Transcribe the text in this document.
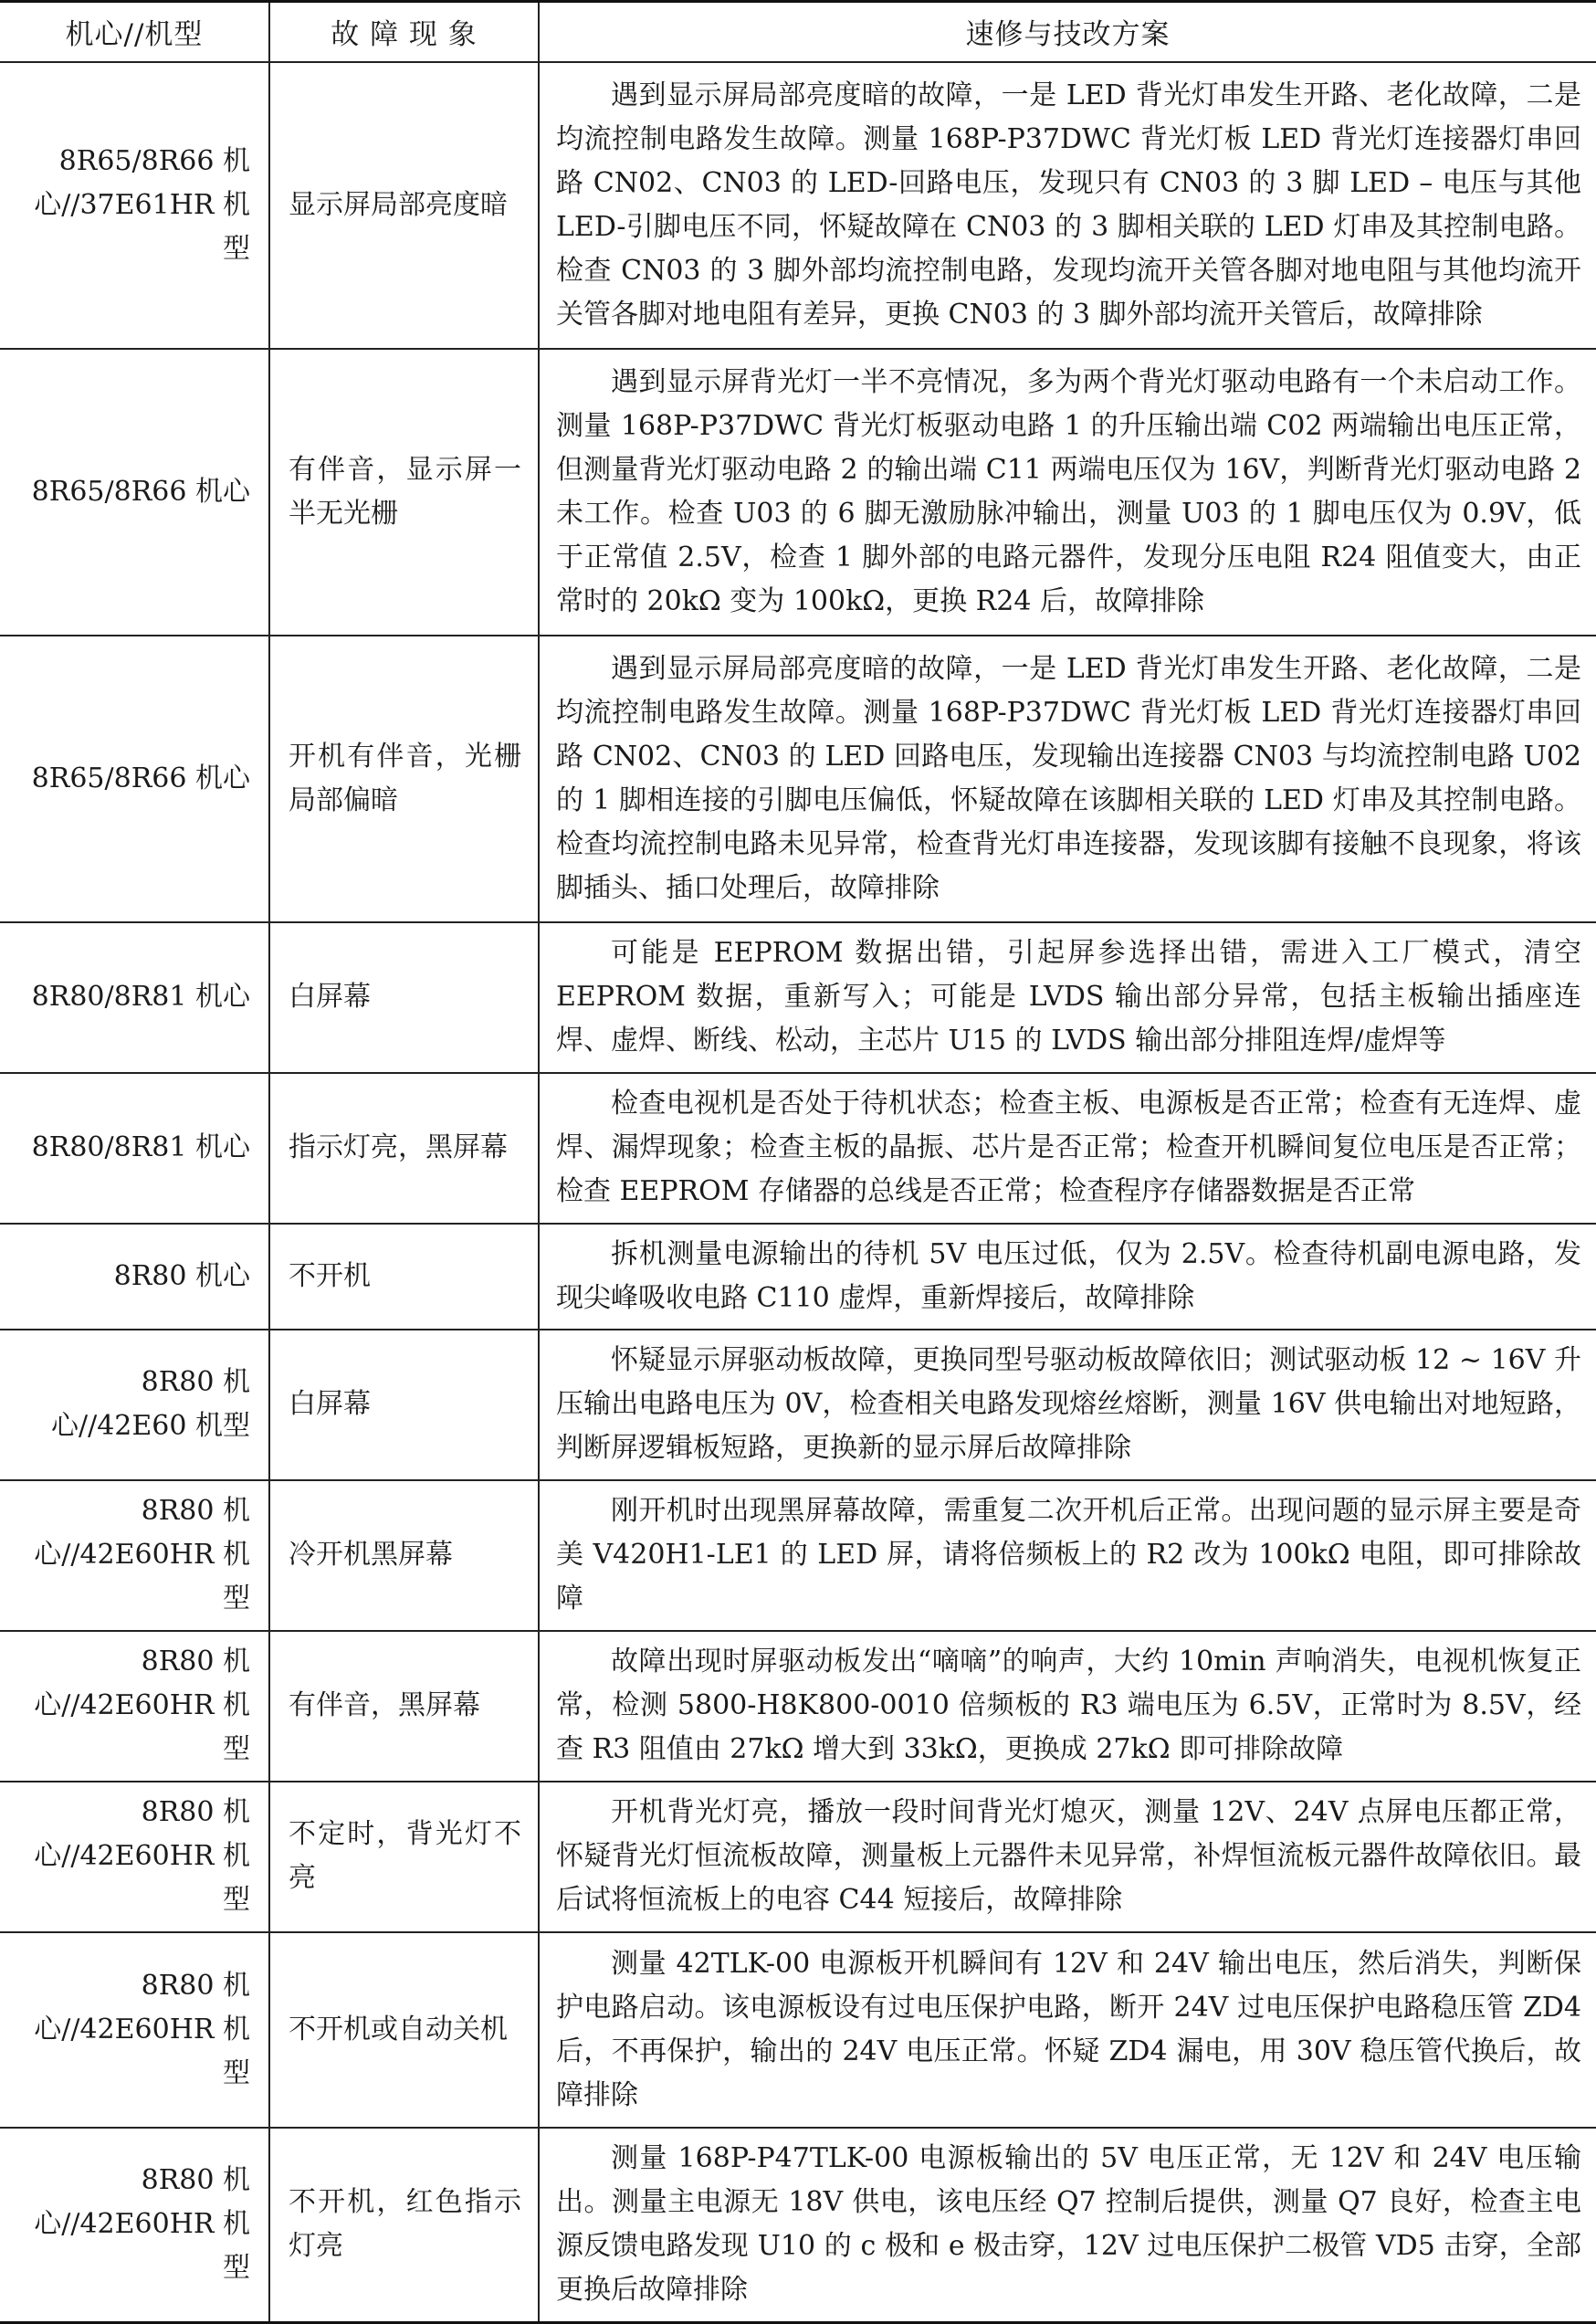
机心//机型	故 障 现 象	速修与技改方案

8R65/8R66 机心//37E61HR 机型	显示屏局部亮度暗	遇到显示屏局部亮度暗的故障，一是 LED 背光灯串发生开路、老化故障，二是均流控制电路发生故障。测量 168P-P37DWC 背光灯板 LED 背光灯连接器灯串回路 CN02、CN03 的 LED-回路电压，发现只有 CN03 的 3 脚 LED – 电压与其他 LED-引脚电压不同，怀疑故障在 CN03 的 3 脚相关联的 LED 灯串及其控制电路。检查 CN03 的 3 脚外部均流控制电路，发现均流开关管各脚对地电阻与其他均流开关管各脚对地电阻有差异，更换 CN03 的 3 脚外部均流开关管后，故障排除

8R65/8R66 机心	有伴音，显示屏一半无光栅	遇到显示屏背光灯一半不亮情况，多为两个背光灯驱动电路有一个未启动工作。测量 168P-P37DWC 背光灯板驱动电路 1 的升压输出端 C02 两端输出电压正常，但测量背光灯驱动电路 2 的输出端 C11 两端电压仅为 16V，判断背光灯驱动电路 2 未工作。检查 U03 的 6 脚无激励脉冲输出，测量 U03 的 1 脚电压仅为 0.9V，低于正常值 2.5V，检查 1 脚外部的电路元器件，发现分压电阻 R24 阻值变大，由正常时的 20kΩ 变为 100kΩ，更换 R24 后，故障排除

8R65/8R66 机心	开机有伴音，光栅局部偏暗	遇到显示屏局部亮度暗的故障，一是 LED 背光灯串发生开路、老化故障，二是均流控制电路发生故障。测量 168P-P37DWC 背光灯板 LED 背光灯连接器灯串回路 CN02、CN03 的 LED 回路电压，发现输出连接器 CN03 与均流控制电路 U02 的 1 脚相连接的引脚电压偏低，怀疑故障在该脚相关联的 LED 灯串及其控制电路。检查均流控制电路未见异常，检查背光灯串连接器，发现该脚有接触不良现象，将该脚插头、插口处理后，故障排除

8R80/8R81 机心	白屏幕	可能是 EEPROM 数据出错，引起屏参选择出错，需进入工厂模式，清空 EEPROM 数据，重新写入；可能是 LVDS 输出部分异常，包括主板输出插座连焊、虚焊、断线、松动，主芯片 U15 的 LVDS 输出部分排阻连焊/虚焊等

8R80/8R81 机心	指示灯亮，黑屏幕	检查电视机是否处于待机状态；检查主板、电源板是否正常；检查有无连焊、虚焊、漏焊现象；检查主板的晶振、芯片是否正常；检查开机瞬间复位电压是否正常；检查 EEPROM 存储器的总线是否正常；检查程序存储器数据是否正常

8R80 机心	不开机	拆机测量电源输出的待机 5V 电压过低，仅为 2.5V。检查待机副电源电路，发现尖峰吸收电路 C110 虚焊，重新焊接后，故障排除

8R80 机心//42E60 机型	白屏幕	怀疑显示屏驱动板故障，更换同型号驱动板故障依旧；测试驱动板 12 ~ 16V 升压输出电路电压为 0V，检查相关电路发现熔丝熔断，测量 16V 供电输出对地短路，判断屏逻辑板短路，更换新的显示屏后故障排除

8R80 机心//42E60HR 机型	冷开机黑屏幕	刚开机时出现黑屏幕故障，需重复二次开机后正常。出现问题的显示屏主要是奇美 V420H1-LE1 的 LED 屏，请将倍频板上的 R2 改为 100kΩ 电阻，即可排除故障

8R80 机心//42E60HR 机型	有伴音，黑屏幕	故障出现时屏驱动板发出“嘀嘀”的响声，大约 10min 声响消失，电视机恢复正常，检测 5800-H8K800-0010 倍频板的 R3 端电压为 6.5V，正常时为 8.5V，经查 R3 阻值由 27kΩ 增大到 33kΩ，更换成 27kΩ 即可排除故障

8R80 机心//42E60HR 机型	不定时，背光灯不亮	开机背光灯亮，播放一段时间背光灯熄灭，测量 12V、24V 点屏电压都正常，怀疑背光灯恒流板故障，测量板上元器件未见异常，补焊恒流板元器件故障依旧。最后试将恒流板上的电容 C44 短接后，故障排除

8R80 机心//42E60HR 机型	不开机或自动关机	测量 42TLK-00 电源板开机瞬间有 12V 和 24V 输出电压，然后消失，判断保护电路启动。该电源板设有过电压保护电路，断开 24V 过电压保护电路稳压管 ZD4 后，不再保护，输出的 24V 电压正常。怀疑 ZD4 漏电，用 30V 稳压管代换后，故障排除

8R80 机心//42E60HR 机型	不开机，红色指示灯亮	测量 168P-P47TLK-00 电源板输出的 5V 电压正常，无 12V 和 24V 电压输出。测量主电源无 18V 供电，该电压经 Q7 控制后提供，测量 Q7 良好，检查主电源反馈电路发现 U10 的 c 极和 e 极击穿，12V 过电压保护二极管 VD5 击穿，全部更换后故障排除
